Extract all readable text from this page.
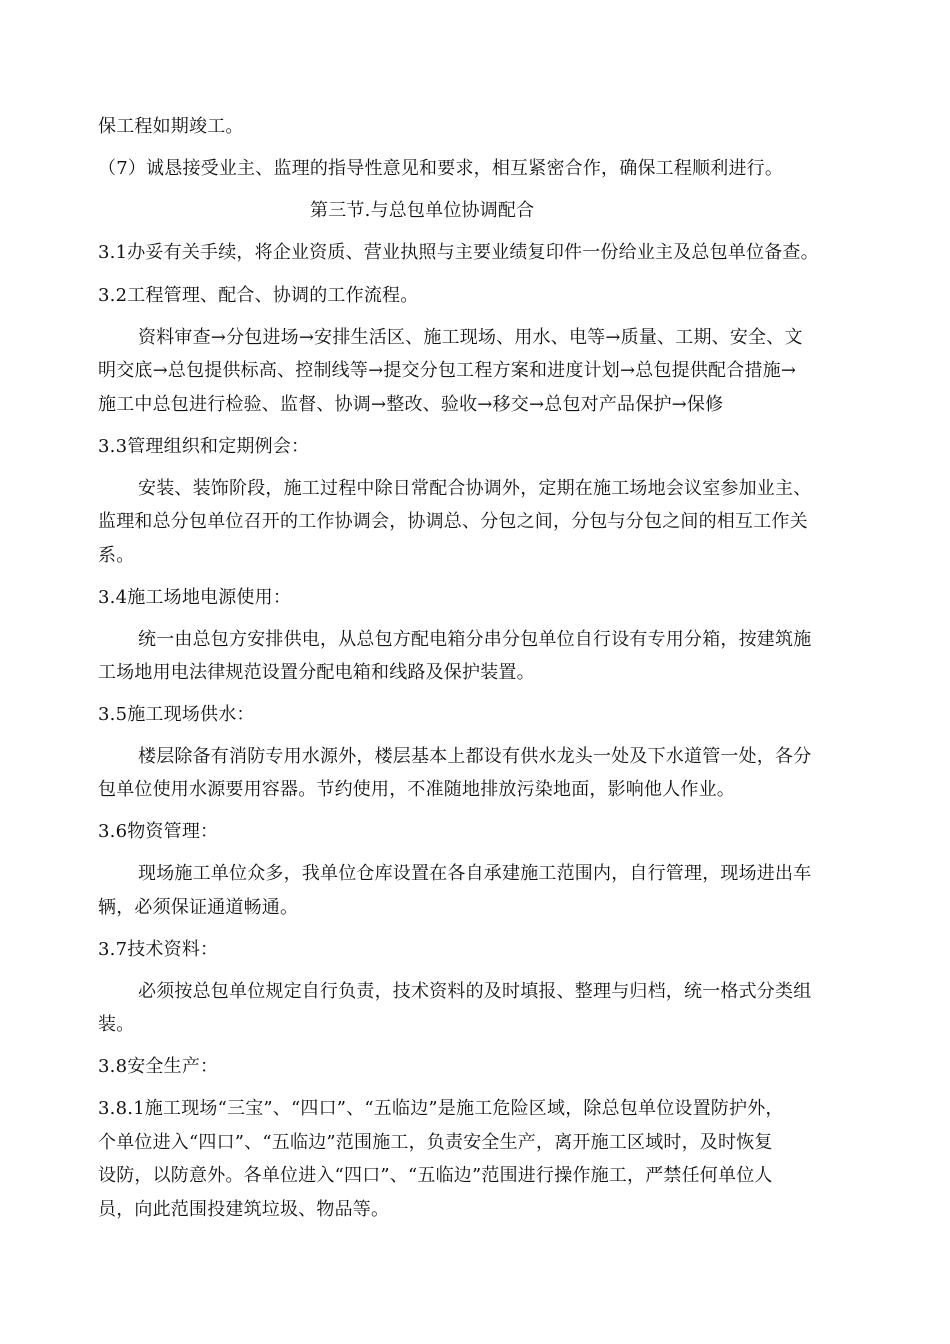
保工程如期竣工。
（7）诚恳接受业主、监理的指导性意见和要求，相互紧密合作，确保工程顺利进行。
第三节.与总包单位协调配合
3.1办妥有关手续，将企业资质、营业执照与主要业绩复印件一份给业主及总包单位备查。
3.2工程管理、配合、协调的工作流程。
资料审查→分包进场→安排生活区、施工现场、用水、电等→质量、工期、安全、文
明交底→总包提供标高、控制线等→提交分包工程方案和进度计划→总包提供配合措施→
施工中总包进行检验、监督、协调→整改、验收→移交→总包对产品保护→保修
3.3管理组织和定期例会：
安装、装饰阶段，施工过程中除日常配合协调外，定期在施工场地会议室参加业主、
监理和总分包单位召开的工作协调会，协调总、分包之间，分包与分包之间的相互工作关
系。
3.4施工场地电源使用：
统一由总包方安排供电，从总包方配电箱分串分包单位自行设有专用分箱，按建筑施
工场地用电法律规范设置分配电箱和线路及保护装置。
3.5施工现场供水：
楼层除备有消防专用水源外，楼层基本上都设有供水龙头一处及下水道管一处，各分
包单位使用水源要用容器。节约使用，不准随地排放污染地面，影响他人作业。
3.6物资管理：
现场施工单位众多，我单位仓库设置在各自承建施工范围内，自行管理，现场进出车
辆，必须保证通道畅通。
3.7技术资料：
必须按总包单位规定自行负责，技术资料的及时填报、整理与归档，统一格式分类组
装。
3.8安全生产：
3.8.1施工现场“三宝”、“四口”、“五临边”是施工危险区域，除总包单位设置防护外，
个单位进入“四口”、“五临边”范围施工，负责安全生产，离开施工区域时，及时恢复
设防，以防意外。各单位进入“四口”、“五临边”范围进行操作施工，严禁任何单位人
员，向此范围投建筑垃圾、物品等。
